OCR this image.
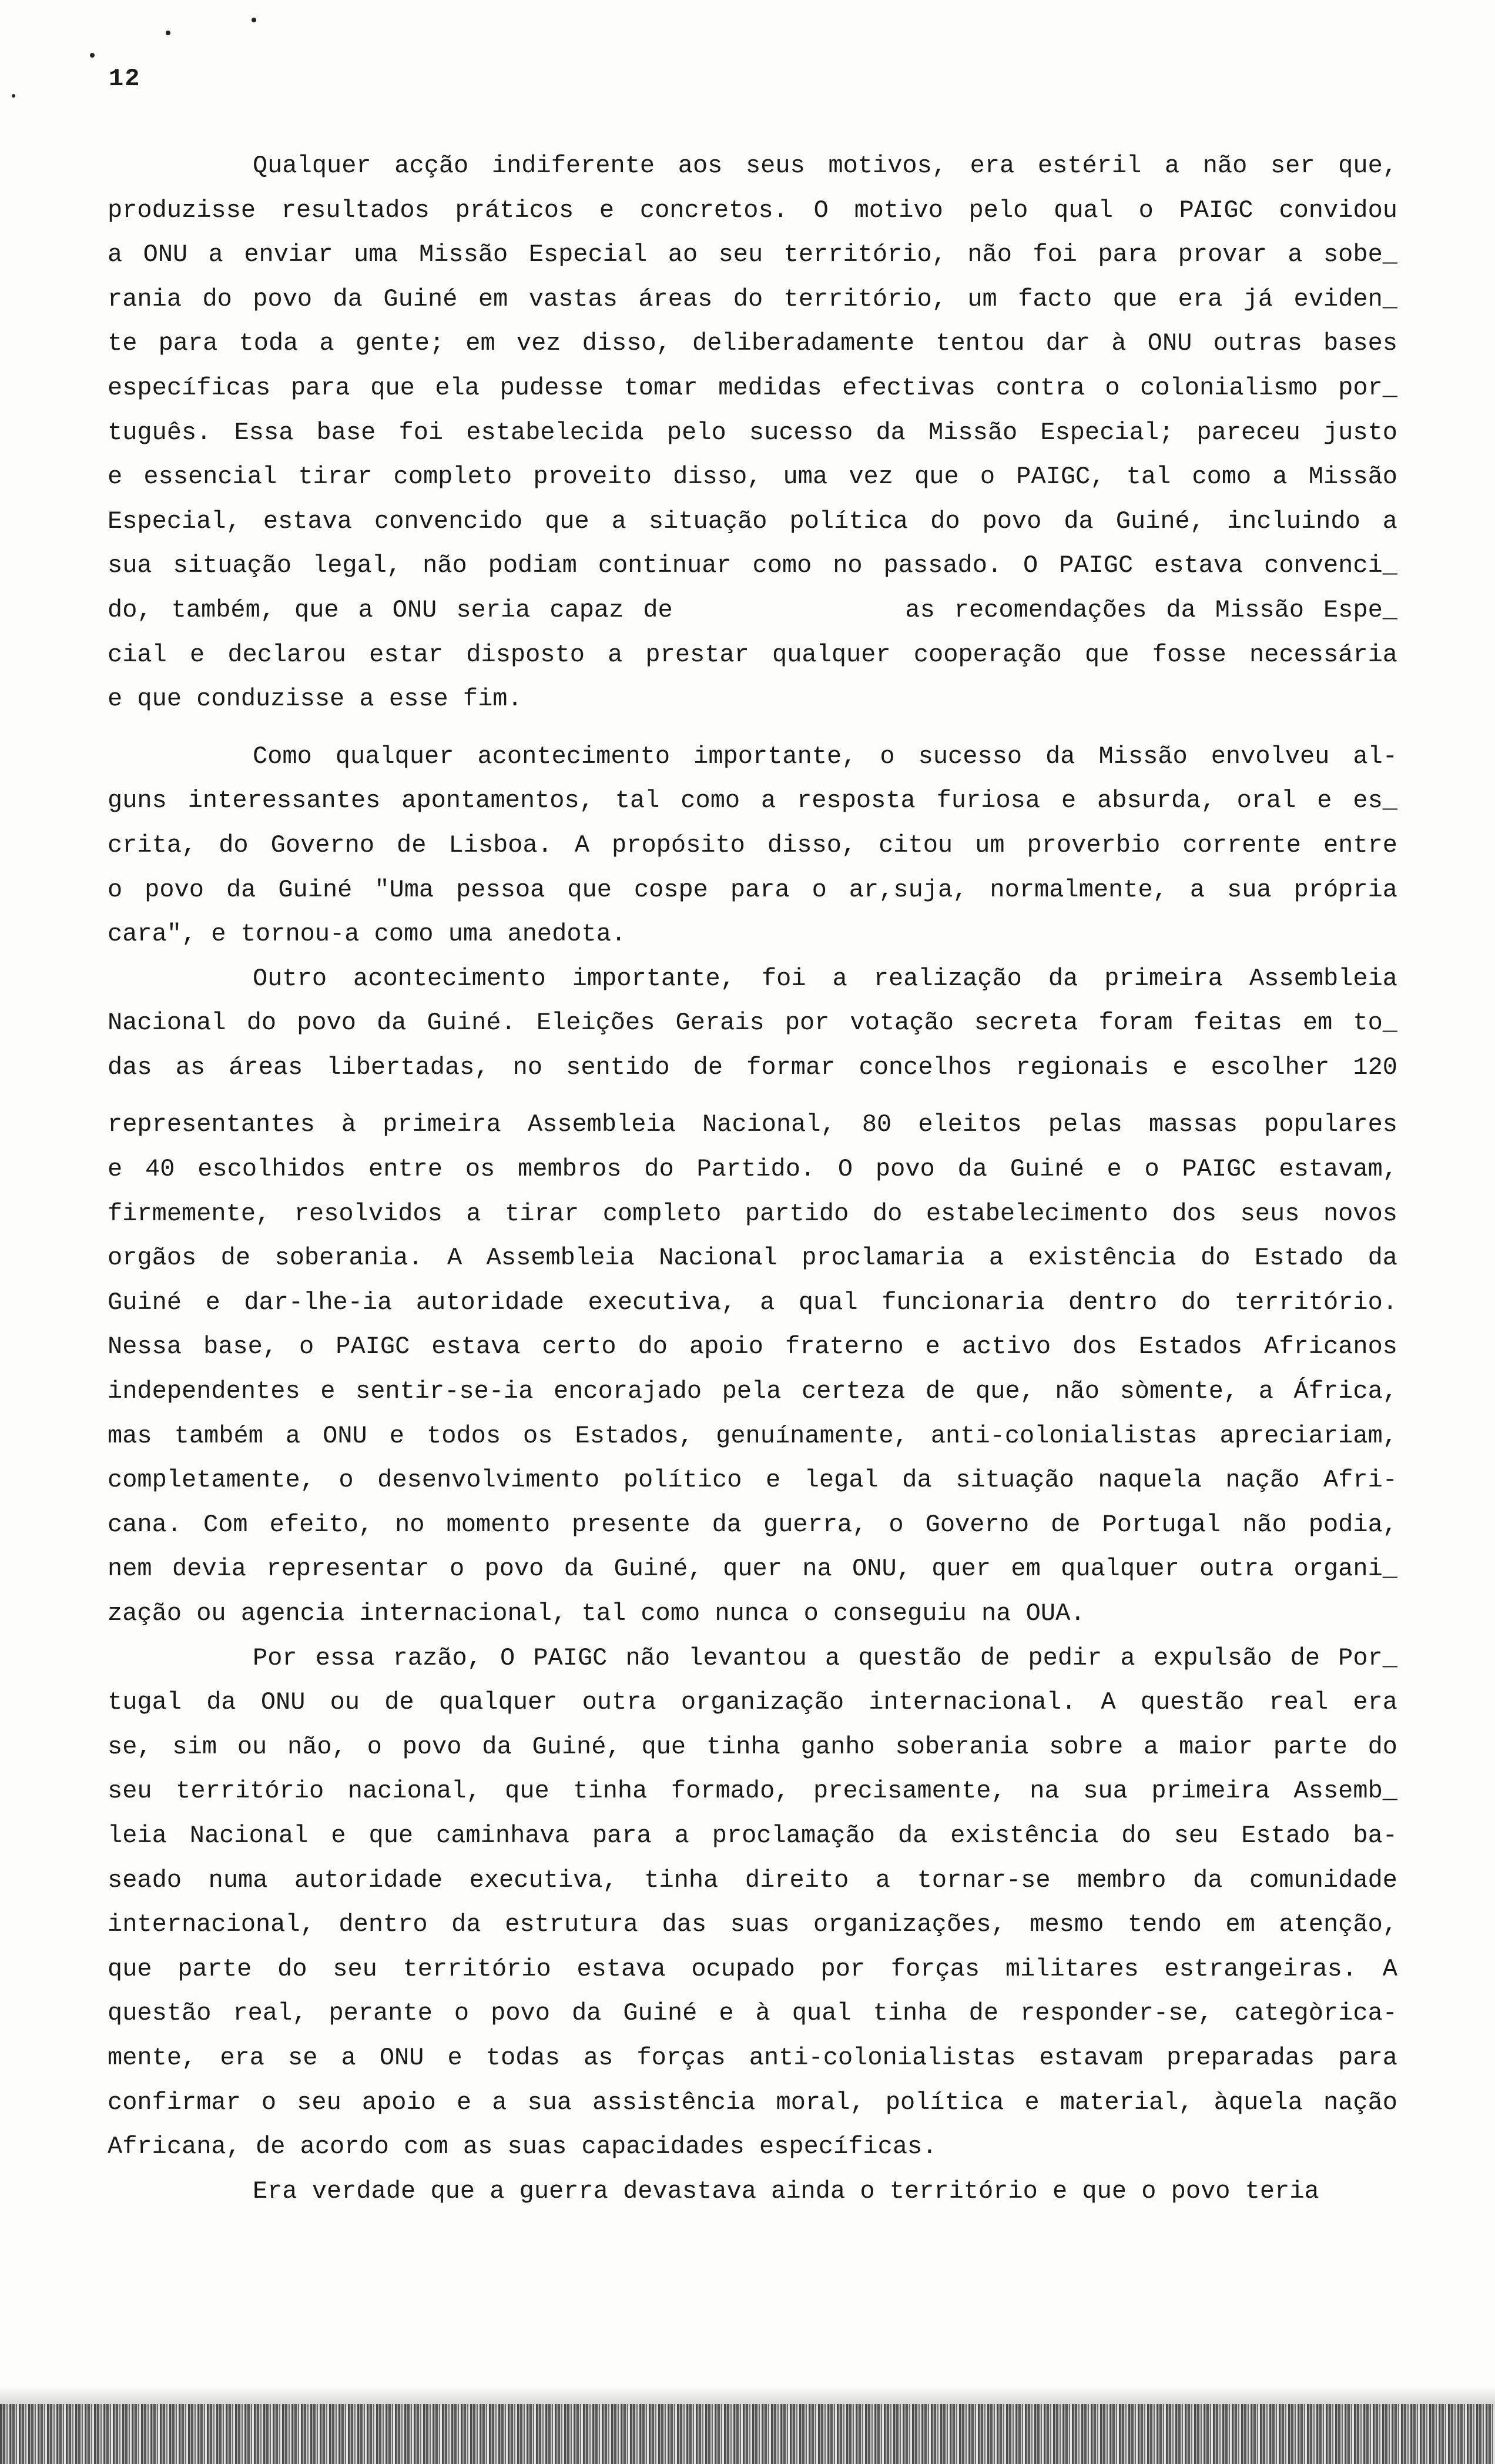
12
Qualquer acção indiferente aos seus motivos, era estéril a não ser que,
produzisse resultados práticos e concretos. O motivo pelo qual o PAIGC convidou
a ONU a enviar uma Missão Especial ao seu território, não foi para provar a sobe_
rania do povo da Guiné em vastas áreas do território, um facto que era já eviden_
te para toda a gente; em vez disso, deliberadamente tentou dar à ONU outras bases
específicas para que ela pudesse tomar medidas efectivas contra o colonialismo por_
tuguês. Essa base foi estabelecida pelo sucesso da Missão Especial; pareceu justo
e essencial tirar completo proveito disso, uma vez que o PAIGC, tal como a Missão
Especial, estava convencido que a situação política do povo da Guiné, incluindo a
sua situação legal, não podiam continuar como no passado. O PAIGC estava convenci_
do, também, que a ONU seria capaz de            as recomendações da Missão Espe_
cial e declarou estar disposto a prestar qualquer cooperação que fosse necessária
e que conduzisse a esse fim.
Como qualquer acontecimento importante, o sucesso da Missão envolveu al-
guns interessantes apontamentos, tal como a resposta furiosa e absurda, oral e es_
crita, do Governo de Lisboa. A propósito disso, citou um proverbio corrente entre
o povo da Guiné "Uma pessoa que cospe para o ar,suja, normalmente, a sua própria
cara", e tornou-a como uma anedota.
Outro acontecimento importante, foi a realização da primeira Assembleia
Nacional do povo da Guiné. Eleições Gerais por votação secreta foram feitas em to_
das as áreas libertadas, no sentido de formar concelhos regionais e escolher 120
representantes à primeira Assembleia Nacional, 80 eleitos pelas massas populares
e 40 escolhidos entre os membros do Partido. O povo da Guiné e o PAIGC estavam,
firmemente, resolvidos a tirar completo partido do estabelecimento dos seus novos
orgãos de soberania. A Assembleia Nacional proclamaria a existência do Estado da
Guiné e dar-lhe-ia autoridade executiva, a qual funcionaria dentro do território.
Nessa base, o PAIGC estava certo do apoio fraterno e activo dos Estados Africanos
independentes e sentir-se-ia encorajado pela certeza de que, não sòmente, a África,
mas também a ONU e todos os Estados, genuínamente, anti-colonialistas apreciariam,
completamente, o desenvolvimento político e legal da situação naquela nação Afri-
cana. Com efeito, no momento presente da guerra, o Governo de Portugal não podia,
nem devia representar o povo da Guiné, quer na ONU, quer em qualquer outra organi_
zação ou agencia internacional, tal como nunca o conseguiu na OUA.
Por essa razão, O PAIGC não levantou a questão de pedir a expulsão de Por_
tugal da ONU ou de qualquer outra organização internacional. A questão real era
se, sim ou não, o povo da Guiné, que tinha ganho soberania sobre a maior parte do
seu território nacional, que tinha formado, precisamente, na sua primeira Assemb_
leia Nacional e que caminhava para a proclamação da existência do seu Estado ba-
seado numa autoridade executiva, tinha direito a tornar-se membro da comunidade
internacional, dentro da estrutura das suas organizações, mesmo tendo em atenção,
que parte do seu território estava ocupado por forças militares estrangeiras. A
questão real, perante o povo da Guiné e à qual tinha de responder-se, categòrica-
mente, era se a ONU e todas as forças anti-colonialistas estavam preparadas para
confirmar o seu apoio e a sua assistência moral, política e material, àquela nação
Africana, de acordo com as suas capacidades específicas.
Era verdade que a guerra devastava ainda o território e que o povo teria
